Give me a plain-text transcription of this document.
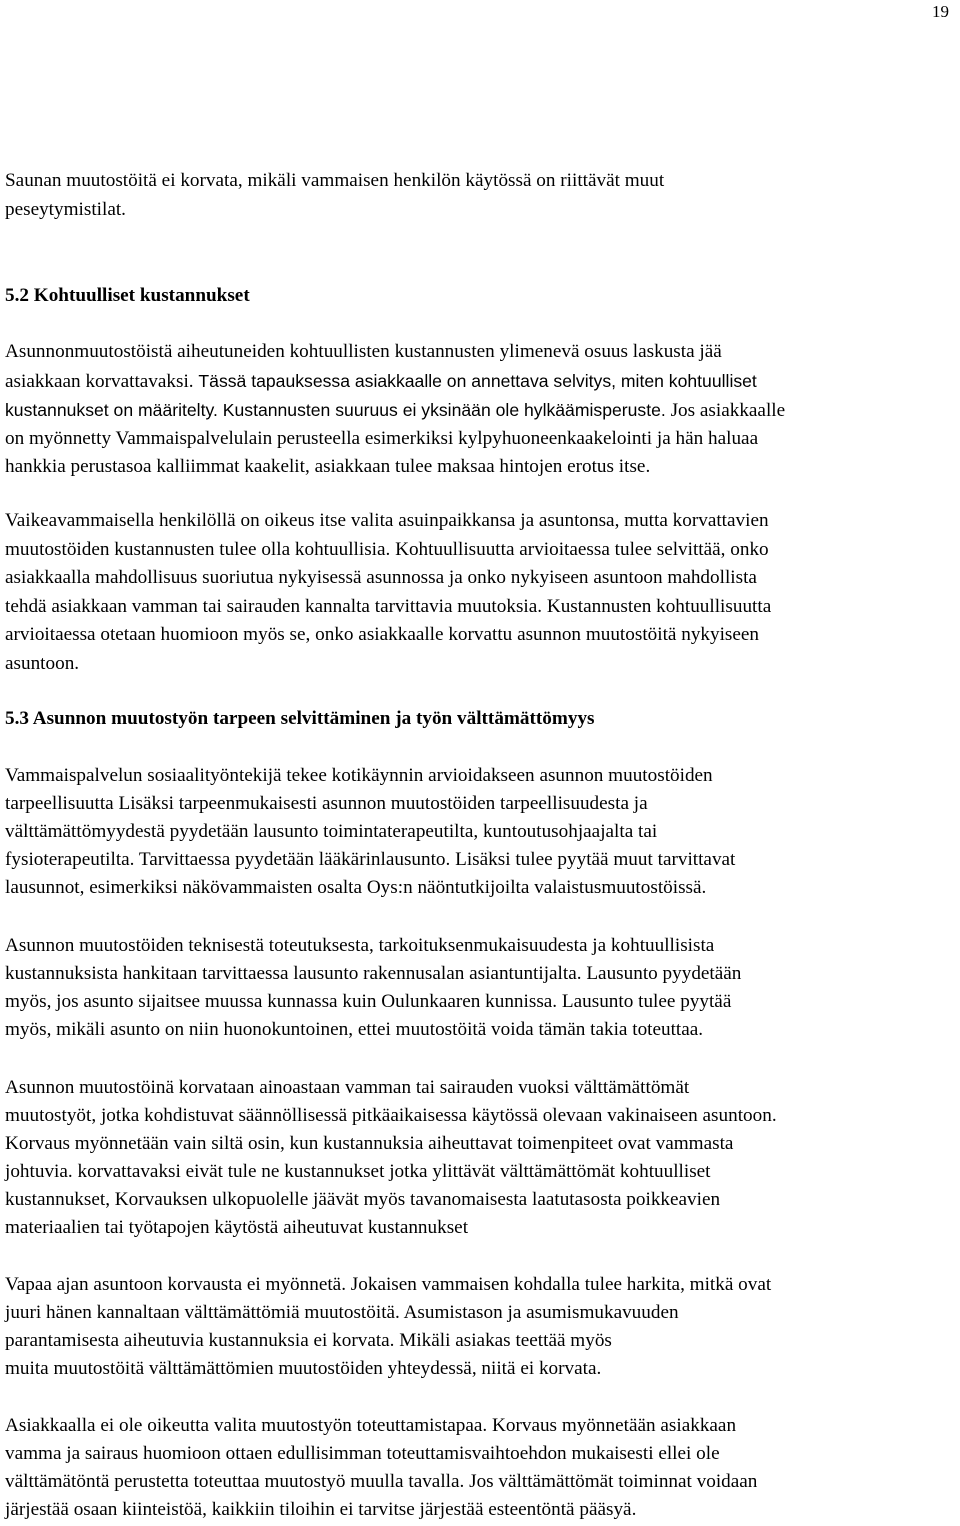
19
Saunan muutostöitä ei korvata, mikäli vammaisen henkilön käytössä on riittävät muut
peseytymistilat.
5.2 Kohtuulliset kustannukset
Asunnonmuutostöistä aiheutuneiden kohtuullisten kustannusten ylimenevä osuus laskusta jää
asiakkaan korvattavaksi. Tässä tapauksessa asiakkaalle on annettava selvitys, miten kohtuulliset
kustannukset on määritelty. Kustannusten suuruus ei yksinään ole hylkäämisperuste. Jos asiakkaalle
on myönnetty Vammaispalvelulain perusteella esimerkiksi kylpyhuoneenkaakelointi ja hän haluaa
hankkia perustasoa kalliimmat kaakelit, asiakkaan tulee maksaa hintojen erotus itse.
Vaikeavammaisella henkilöllä on oikeus itse valita asuinpaikkansa ja asuntonsa, mutta korvattavien
muutostöiden kustannusten tulee olla kohtuullisia. Kohtuullisuutta arvioitaessa tulee selvittää, onko
asiakkaalla mahdollisuus suoriutua nykyisessä asunnossa ja onko nykyiseen asuntoon mahdollista
tehdä asiakkaan vamman tai sairauden kannalta tarvittavia muutoksia. Kustannusten kohtuullisuutta
arvioitaessa otetaan huomioon myös se, onko asiakkaalle korvattu asunnon muutostöitä nykyiseen
asuntoon.
5.3 Asunnon muutostyön tarpeen selvittäminen ja työn välttämättömyys
Vammaispalvelun sosiaalityöntekijä tekee kotikäynnin arvioidakseen asunnon muutostöiden
tarpeellisuutta Lisäksi tarpeenmukaisesti asunnon muutostöiden tarpeellisuudesta ja
välttämättömyydestä pyydetään lausunto toimintaterapeutilta, kuntoutusohjaajalta tai
fysioterapeutilta. Tarvittaessa pyydetään lääkärinlausunto. Lisäksi tulee pyytää muut tarvittavat
lausunnot, esimerkiksi näkövammaisten osalta Oys:n näöntutkijoilta valaistusmuutostöissä.
Asunnon muutostöiden teknisestä toteutuksesta, tarkoituksenmukaisuudesta ja kohtuullisista
kustannuksista hankitaan tarvittaessa lausunto rakennusalan asiantuntijalta. Lausunto pyydetään
myös, jos asunto sijaitsee muussa kunnassa kuin Oulunkaaren kunnissa. Lausunto tulee pyytää
myös, mikäli asunto on niin huonokuntoinen, ettei muutostöitä voida tämän takia toteuttaa.
Asunnon muutostöinä korvataan ainoastaan vamman tai sairauden vuoksi välttämättömät
muutostyöt, jotka kohdistuvat säännöllisessä pitkäaikaisessa käytössä olevaan vakinaiseen asuntoon.
Korvaus myönnetään vain siltä osin, kun kustannuksia aiheuttavat toimenpiteet ovat vammasta
johtuvia. korvattavaksi eivät tule ne kustannukset jotka ylittävät välttämättömät kohtuulliset
kustannukset, Korvauksen ulkopuolelle jäävät myös tavanomaisesta laatutasosta poikkeavien
materiaalien tai työtapojen käytöstä aiheutuvat kustannukset
Vapaa ajan asuntoon korvausta ei myönnetä. Jokaisen vammaisen kohdalla tulee harkita, mitkä ovat
juuri hänen kannaltaan välttämättömiä muutostöitä. Asumistason ja asumismukavuuden
parantamisesta aiheutuvia kustannuksia ei korvata. Mikäli asiakas teettää myös
muita muutostöitä välttämättömien muutostöiden yhteydessä, niitä ei korvata.
Asiakkaalla ei ole oikeutta valita muutostyön toteuttamistapaa. Korvaus myönnetään asiakkaan
vamma ja sairaus huomioon ottaen edullisimman toteuttamisvaihtoehdon mukaisesti ellei ole
välttämätöntä perustetta toteuttaa muutostyö muulla tavalla. Jos välttämättömät toiminnat voidaan
järjestää osaan kiinteistöä, kaikkiin tiloihin ei tarvitse järjestää esteentöntä pääsyä.
